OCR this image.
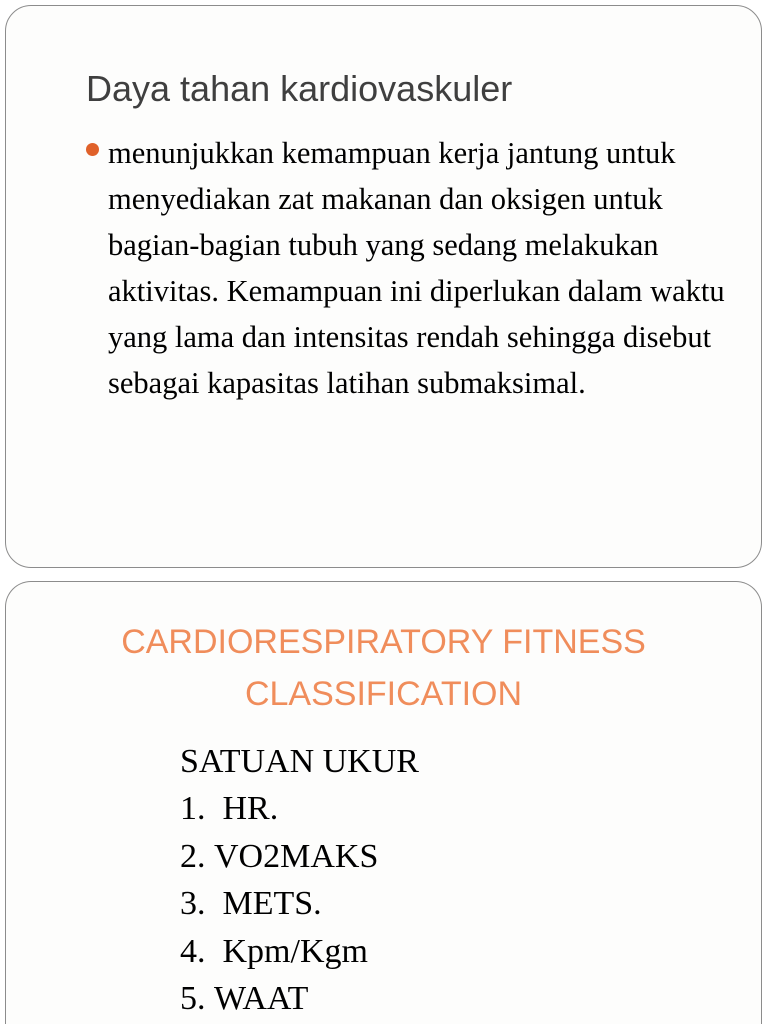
Daya tahan kardiovaskuler

menunjukkan kemampuan kerja jantung untuk menyediakan zat makanan dan oksigen untuk bagian-bagian tubuh yang sedang melakukan aktivitas. Kemampuan ini diperlukan dalam waktu yang lama dan intensitas rendah sehingga disebut sebagai kapasitas latihan submaksimal.

CARDIORESPIRATORY FITNESS
CLASSIFICATION

SATUAN UKUR

1. HR.
2. VO2MAKS
3. METS.
4. Kpm/Kgm
5. WAAT
